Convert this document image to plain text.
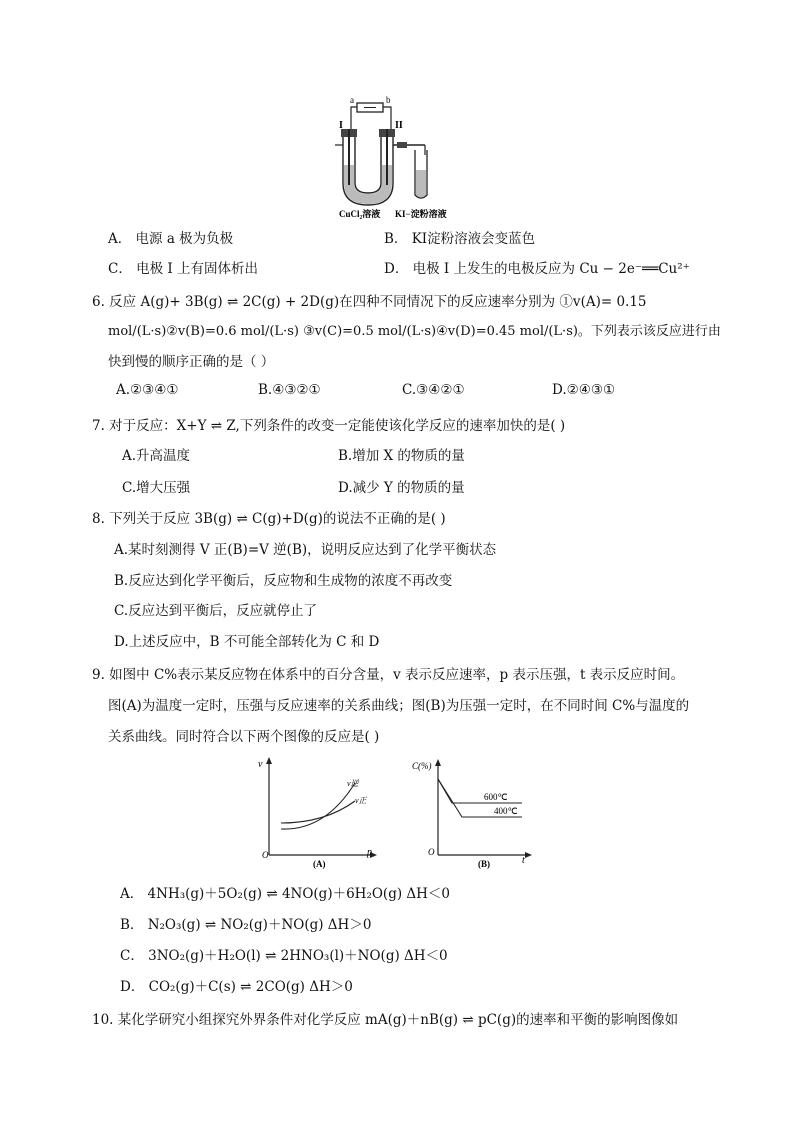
a	b
I	II
CuCl₂溶液 KI−淀粉溶液
A． 电源 a 极为负极	B． KI淀粉溶液会变蓝色
C． 电极 I 上有固体析出	D． 电极 I 上发生的电极反应为 Cu − 2e⁻══Cu²⁺
6. 反应 A(g)+ 3B(g) ⇌ 2C(g) + 2D(g)在四种不同情况下的反应速率分别为 ①v(A)= 0.15
mol/(L·s)②v(B)=0.6 mol/(L·s) ③v(C)=0.5 mol/(L·s)④v(D)=0.45 mol/(L·s)。下列表示该反应进行由
快到慢的顺序正确的是（ ）
A.②③④①	B.④③②①	C.③④②①	D.②④③①
7. 对于反应：X+Y ⇌ Z,下列条件的改变一定能使该化学反应的速率加快的是( )
A.升高温度	B.增加 X 的物质的量
C.增大压强	D.减少 Y 的物质的量
8. 下列关于反应 3B(g) ⇌ C(g)+D(g)的说法不正确的是( )
A.某时刻测得 V 正(B)=V 逆(B)，说明反应达到了化学平衡状态
B.反应达到化学平衡后，反应物和生成物的浓度不再改变
C.反应达到平衡后，反应就停止了
D.上述反应中，B 不可能全部转化为 C 和 D
9. 如图中 C%表示某反应物在体系中的百分含量，v 表示反应速率，p 表示压强，t 表示反应时间。
图(A)为温度一定时，压强与反应速率的关系曲线；图(B)为压强一定时，在不同时间 C%与温度的
关系曲线。同时符合以下两个图像的反应是( )
v
p
O
v逆
v正
(A)
C(%)
t
O
600℃
400℃
(B)
A． 4NH₃(g)＋5O₂(g) ⇌ 4NO(g)＋6H₂O(g) ΔH＜0
B． N₂O₃(g) ⇌ NO₂(g)＋NO(g) ΔH＞0
C． 3NO₂(g)＋H₂O(l) ⇌ 2HNO₃(l)＋NO(g) ΔH＜0
D． CO₂(g)＋C(s) ⇌ 2CO(g) ΔH＞0
10. 某化学研究小组探究外界条件对化学反应 mA(g)＋nB(g) ⇌ pC(g)的速率和平衡的影响图像如
